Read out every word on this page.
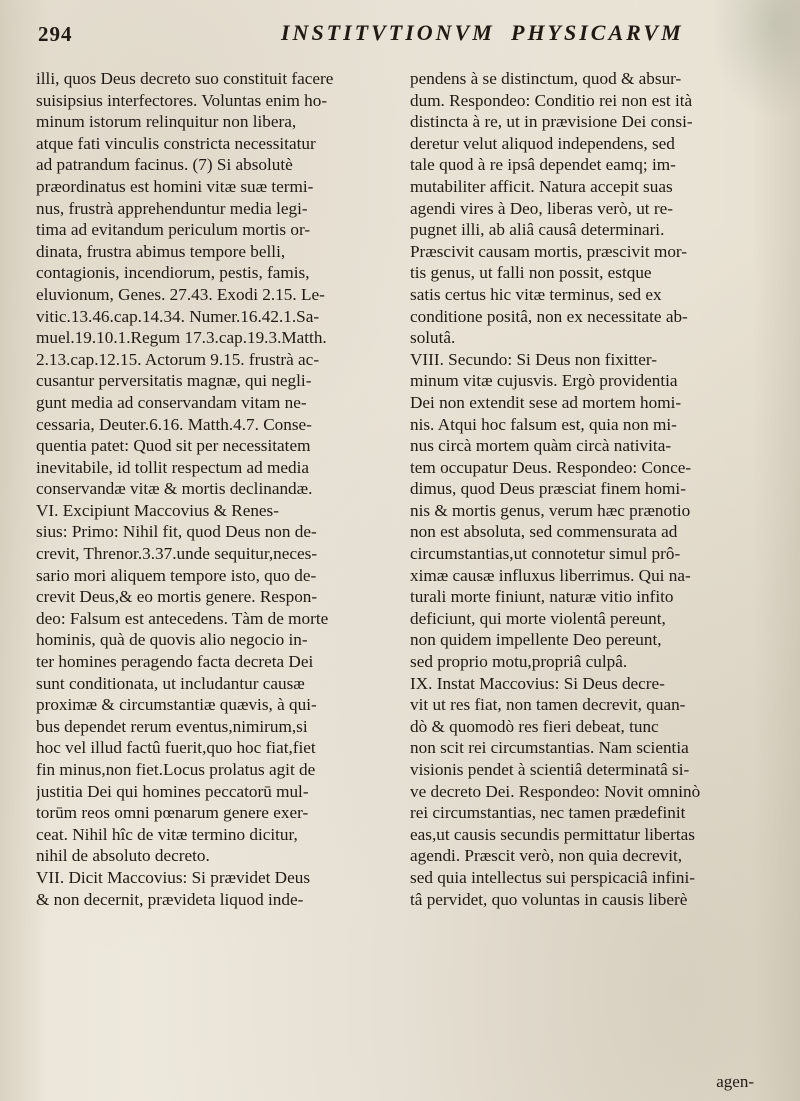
294	INSTITVTIONVM PHYSICARVM
illi, quos Deus decreto suo constituit facere
suisipsius interfectores. Voluntas enim ho-
minum istorum relinquitur non libera,
atque fati vinculis constricta necessitatur
ad patrandum facinus. (7) Si absolutè
præordinatus est homini vitæ suæ termi-
nus, frustrà apprehenduntur media legi-
tima ad evitandum periculum mortis or-
dinata, frustra abimus tempore belli,
contagionis, incendiorum, pestis, famis,
eluvionum, Genes. 27.43. Exodi 2.15. Le-
vitic.13.46.cap.14.34. Numer.16.42.1.Sa-
muel.19.10.1.Regum 17.3.cap.19.3.Matth.
2.13.cap.12.15. Actorum 9.15. frustrà ac-
cusantur perversitatis magnæ, qui negli-
gunt media ad conservandam vitam ne-
cessaria, Deuter.6.16. Matth.4.7. Conse-
quentia patet: Quod sit per necessitatem
inevitabile, id tollit respectum ad media
conservandæ vitæ & mortis declinandæ.
VI. Excipiunt Maccovius & Renes-
sius: Primo: Nihil fit, quod Deus non de-
crevit, Threnor.3.37.unde sequitur,neces-
sario mori aliquem tempore isto, quo de-
crevit Deus,& eo mortis genere. Respon-
deo: Falsum est antecedens. Tàm de morte
hominis, quà de quovis alio negocio in-
ter homines peragendo facta decreta Dei
sunt conditionata, ut includantur causæ
proximæ & circumstantiæ quævis, à qui-
bus dependet rerum eventus,nimirum,si
hoc vel illud factû fuerit,quo hoc fiat,fiet
fin minus,non fiet.Locus prolatus agit de
justitia Dei qui homines peccatorū mul-
torūm reos omni pœnarum genere exer-
ceat. Nihil hîc de vitæ termino dicitur,
nihil de absoluto decreto.
VII. Dicit Maccovius: Si prævidet Deus
& non decernit, prævideta liquod inde-
pendens à se distinctum, quod & absur-
dum. Respondeo: Conditio rei non est ità
distincta à re, ut in prævisione Dei consi-
deretur velut aliquod independens, sed
tale quod à re ipsâ dependet eamq; im-
mutabiliter afficit. Natura accepit suas
agendi vires à Deo, liberas verò, ut re-
pugnet illi, ab aliâ causâ determinari.
Præscivit causam mortis, præscivit mor-
tis genus, ut falli non possit, estque
satis certus hic vitæ terminus, sed ex
conditione positâ, non ex necessitate ab-
solutâ.
VIII. Secundo: Si Deus non fixitter-
minum vitæ cujusvis. Ergò providentia
Dei non extendit sese ad mortem homi-
nis. Atqui hoc falsum est, quia non mi-
nus circà mortem quàm circà nativita-
tem occupatur Deus. Respondeo: Conce-
dimus, quod Deus præsciat finem homi-
nis & mortis genus, verum hæc prænotio
non est absoluta, sed commensurata ad
circumstantias,ut connotetur simul prô-
ximæ causæ influxus liberrimus. Qui na-
turali morte finiunt, naturæ vitio infito
deficiunt, qui morte violentâ pereunt,
non quidem impellente Deo pereunt,
sed proprio motu,propriâ culpâ.
IX. Instat Maccovius: Si Deus decre-
vit ut res fiat, non tamen decrevit, quan-
dò & quomodò res fieri debeat, tunc
non scit rei circumstantias. Nam scientia
visionis pendet à scientiâ determinatâ si-
ve decreto Dei. Respondeo: Novit omninò
rei circumstantias, nec tamen prædefinit
eas,ut causis secundis permittatur libertas
agendi. Præscit verò, non quia decrevit,
sed quia intellectus sui perspicaciâ infini-
tâ pervidet, quo voluntas in causis liberè
agen-
